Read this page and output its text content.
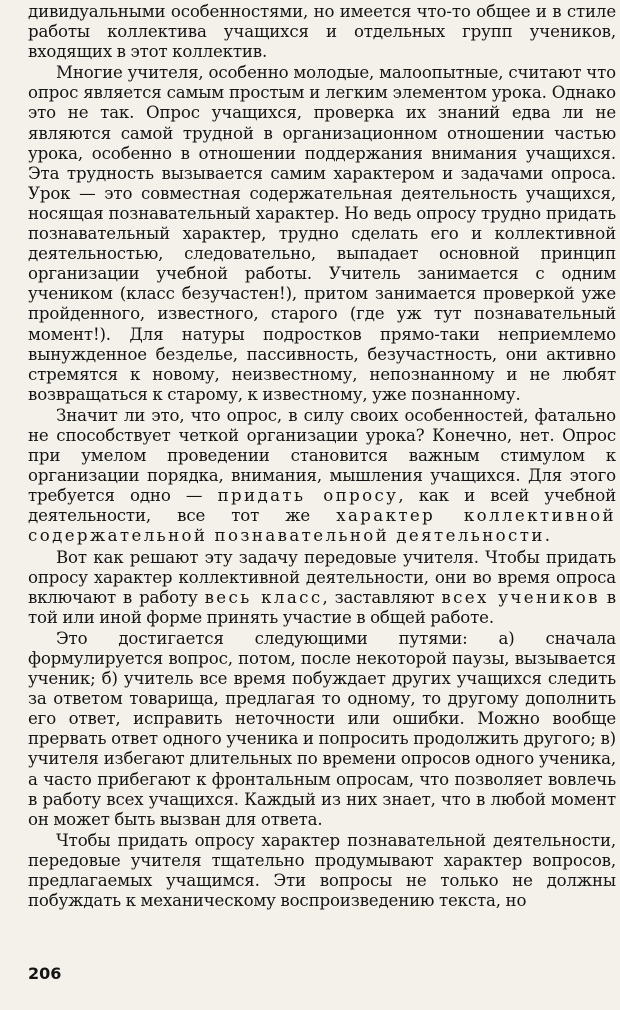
дивидуальными особенностями, но имеется что-то общее и в стиле работы коллектива учащихся и отдельных групп учеников, входящих в этот коллектив.

Многие учителя, особенно молодые, малоопытные, считают что опрос является самым простым и легким элементом урока. Однако это не так. Опрос учащихся, проверка их знаний едва ли не являются самой трудной в организационном отношении частью урока, особенно в отношении поддержания внимания учащихся. Эта трудность вызывается самим характером и задачами опроса. Урок — это совместная содержательная деятельность учащихся, носящая познавательный характер. Но ведь опросу трудно придать познавательный характер, трудно сделать его и коллективной деятельностью, следовательно, выпадает основной принцип организации учебной работы. Учитель занимается с одним учеником (класс безучастен!), притом занимается проверкой уже пройденного, известного, старого (где уж тут познавательный момент!). Для натуры подростков прямо-таки неприемлемо вынужденное безделье, пассивность, безучастность, они активно стремятся к новому, неизвестному, непознанному и не любят возвращаться к старому, к известному, уже познанному.

Значит ли это, что опрос, в силу своих особенностей, фатально не способствует четкой организации урока? Конечно, нет. Опрос при умелом проведении становится важным стимулом к организации порядка, внимания, мышления учащихся. Для этого требуется одно — придать опросу, как и всей учебной деятельности, все тот же характер коллективной содержательной познавательной деятельности.

Вот как решают эту задачу передовые учителя. Чтобы придать опросу характер коллективной деятельности, они во время опроса включают в работу весь класс, заставляют всех учеников в той или иной форме принять участие в общей работе.

Это достигается следующими путями: а) сначала формулируется вопрос, потом, после некоторой паузы, вызывается ученик; б) учитель все время побуждает других учащихся следить за ответом товарища, предлагая то одному, то другому дополнить его ответ, исправить неточности или ошибки. Можно вообще прервать ответ одного ученика и попросить продолжить другого; в) учителя избегают длительных по времени опросов одного ученика, а часто прибегают к фронтальным опросам, что позволяет вовлечь в работу всех учащихся. Каждый из них знает, что в любой момент он может быть вызван для ответа.

Чтобы придать опросу характер познавательной деятельности, передовые учителя тщательно продумывают характер вопросов, предлагаемых учащимся. Эти вопросы не только не должны побуждать к механическому воспроизведению текста, но

206
